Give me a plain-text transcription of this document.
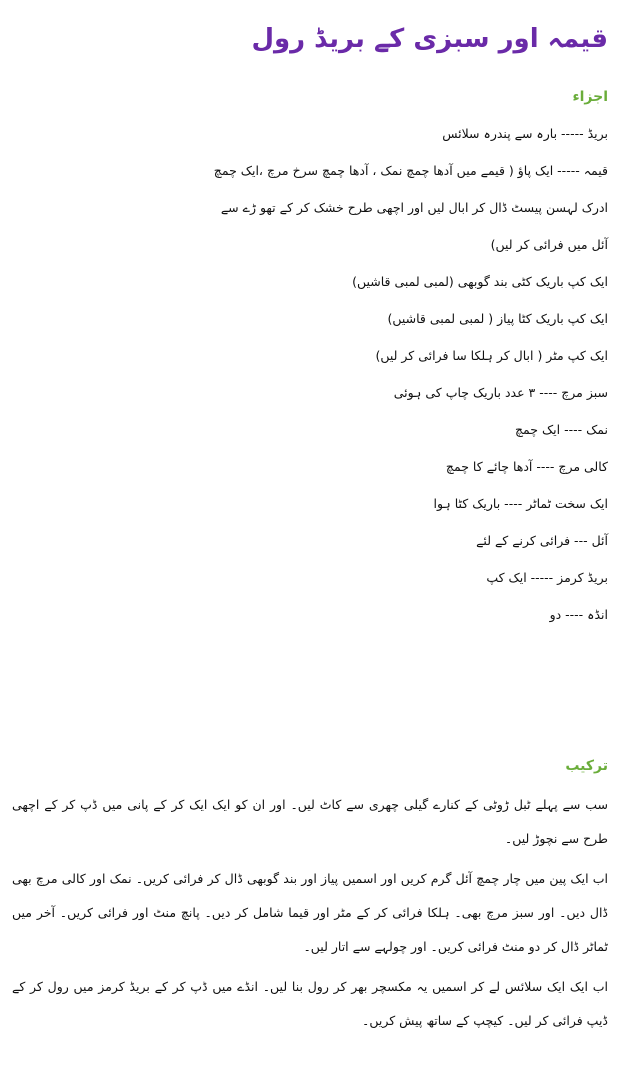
قیمہ اور سبزی کے بریڈ رول
اجزاء
بریڈ ----- بارہ سے پندرہ سلائس
قیمہ ----- ایک پاؤ ( قیمے میں آدھا چمچ نمک ، آدھا چمچ سرخ مرچ ،ایک چمچ
ادرک لہسن پیسٹ ڈال کر ابال لیں اور اچھی طرح خشک کر کے تھو ڑے سے
آئل میں فرائی کر لیں)
ایک کپ باریک کٹی بند گوبھی (لمبی لمبی قاشیں)
ایک کپ باریک کٹا پیاز ( لمبی لمبی قاشیں)
ایک کپ مٹر ( ابال کر ہلکا سا فرائی کر لیں)
سبز مرچ ---- ۳ عدد باریک چاپ کی ہوئی
نمک ---- ایک چمچ
کالی مرچ ---- آدھا چائے کا چمچ
ایک سخت ٹماٹر ---- باریک کٹا ہوا
آئل --- فرائی کرنے کے لئے
بریڈ کرمز ----- ایک کپ
انڈہ ---- دو
ترکیب

سب سے پہلے ٹبل ڑوٹی کے کنارے گیلی چھری سے کاٹ لیں۔ اور ان کو ایک ایک کر کے پانی میں ڈپ کر کے اچھی طرح سے نچوڑ لیں۔

اب ایک پین میں چار چمچ آئل گرم کریں اور اسمیں پیاز اور بند گوبھی ڈال کر فرائی کریں۔ نمک اور کالی مرچ بھی ڈال دیں۔ اور سبز مرچ بھی۔ ہلکا فرائی کر کے مٹر اور قیما شامل کر دیں۔ پانچ منٹ اور فرائی کریں۔ آخر میں ٹماٹر ڈال کر دو منٹ فرائی کریں۔ اور چولہے سے اتار لیں۔

اب ایک ایک سلائس لے کر اسمیں یہ مکسچر بھر کر رول بنا لیں۔ انڈے میں ڈپ کر کے بریڈ کرمز میں رول کر کے ڈیپ فرائی کر لیں۔ کیچپ کے ساتھ پیش کریں۔
